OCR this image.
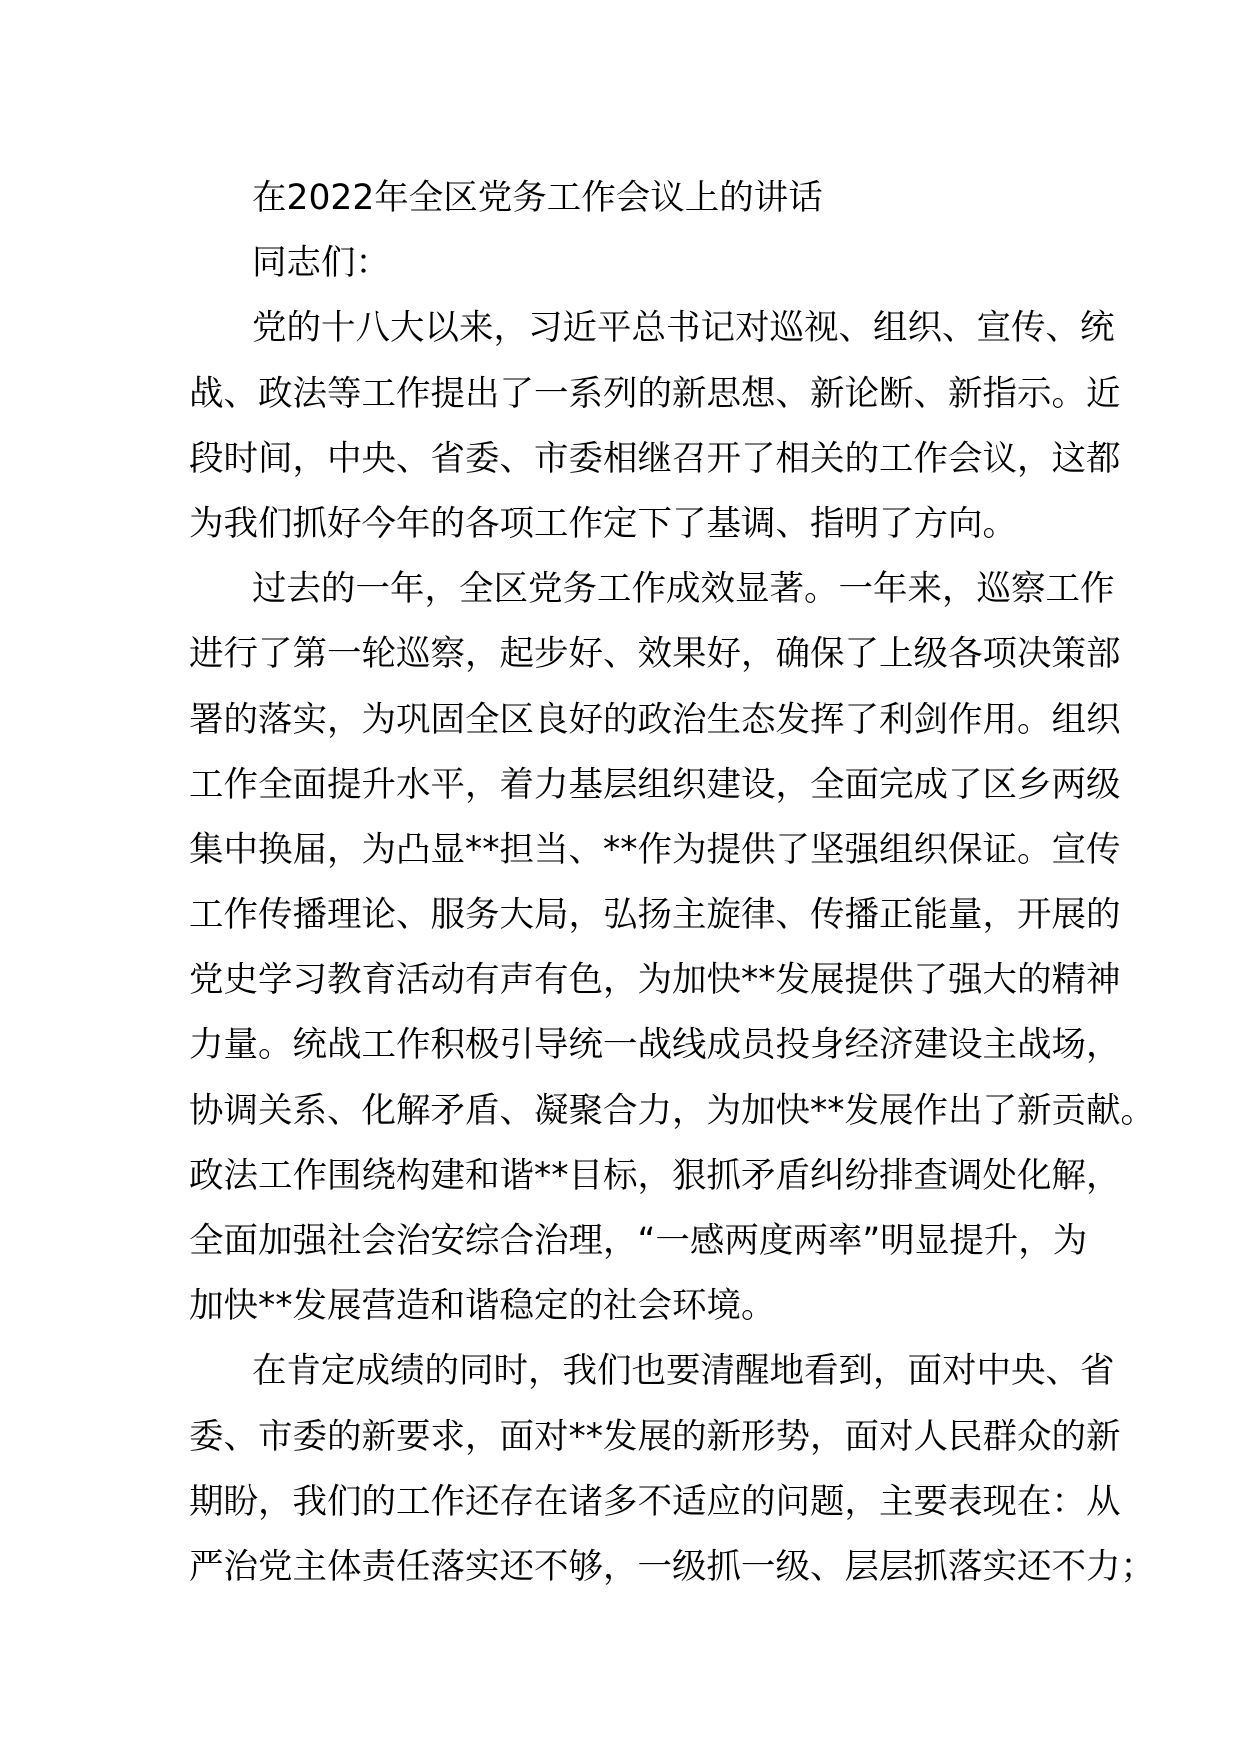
在2022年全区党务工作会议上的讲话
同志们：
党的十八大以来，习近平总书记对巡视、组织、宣传、统
战、政法等工作提出了一系列的新思想、新论断、新指示。近
段时间，中央、省委、市委相继召开了相关的工作会议，这都
为我们抓好今年的各项工作定下了基调、指明了方向。
过去的一年，全区党务工作成效显著。一年来，巡察工作
进行了第一轮巡察，起步好、效果好，确保了上级各项决策部
署的落实，为巩固全区良好的政治生态发挥了利剑作用。组织
工作全面提升水平，着力基层组织建设，全面完成了区乡两级
集中换届，为凸显**担当、**作为提供了坚强组织保证。宣传
工作传播理论、服务大局，弘扬主旋律、传播正能量，开展的
党史学习教育活动有声有色，为加快**发展提供了强大的精神
力量。统战工作积极引导统一战线成员投身经济建设主战场，
协调关系、化解矛盾、凝聚合力，为加快**发展作出了新贡献。
政法工作围绕构建和谐**目标，狠抓矛盾纠纷排查调处化解，
全面加强社会治安综合治理，“一感两度两率”明显提升，为
加快**发展营造和谐稳定的社会环境。
在肯定成绩的同时，我们也要清醒地看到，面对中央、省
委、市委的新要求，面对**发展的新形势，面对人民群众的新
期盼，我们的工作还存在诸多不适应的问题，主要表现在：从
严治党主体责任落实还不够，一级抓一级、层层抓落实还不力；
